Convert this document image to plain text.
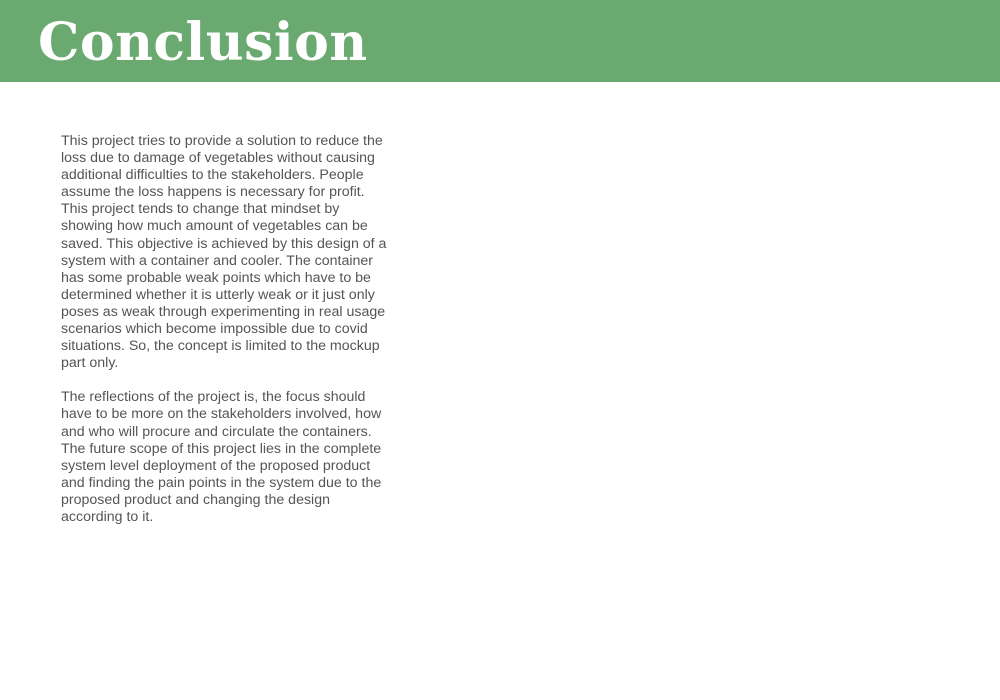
Conclusion

This project tries to provide a solution to reduce the loss due to damage of vegetables without causing additional difficulties to the stakeholders. People assume the loss happens is necessary for profit. This project tends to change that mindset by showing how much amount of vegetables can be saved. This objective is achieved by this design of a system with a container and cooler. The container has some probable weak points which have to be determined whether it is utterly weak or it just only poses as weak through experimenting in real usage scenarios which become impossible due to covid situations. So, the concept is limited to the mockup part only.

The reflections of the project is, the focus should have to be more on the stakeholders involved, how and who will procure and circulate the containers. The future scope of this project lies in the complete system level deployment of the proposed product and finding the pain points in the system due to the proposed product and changing the design according to it.
